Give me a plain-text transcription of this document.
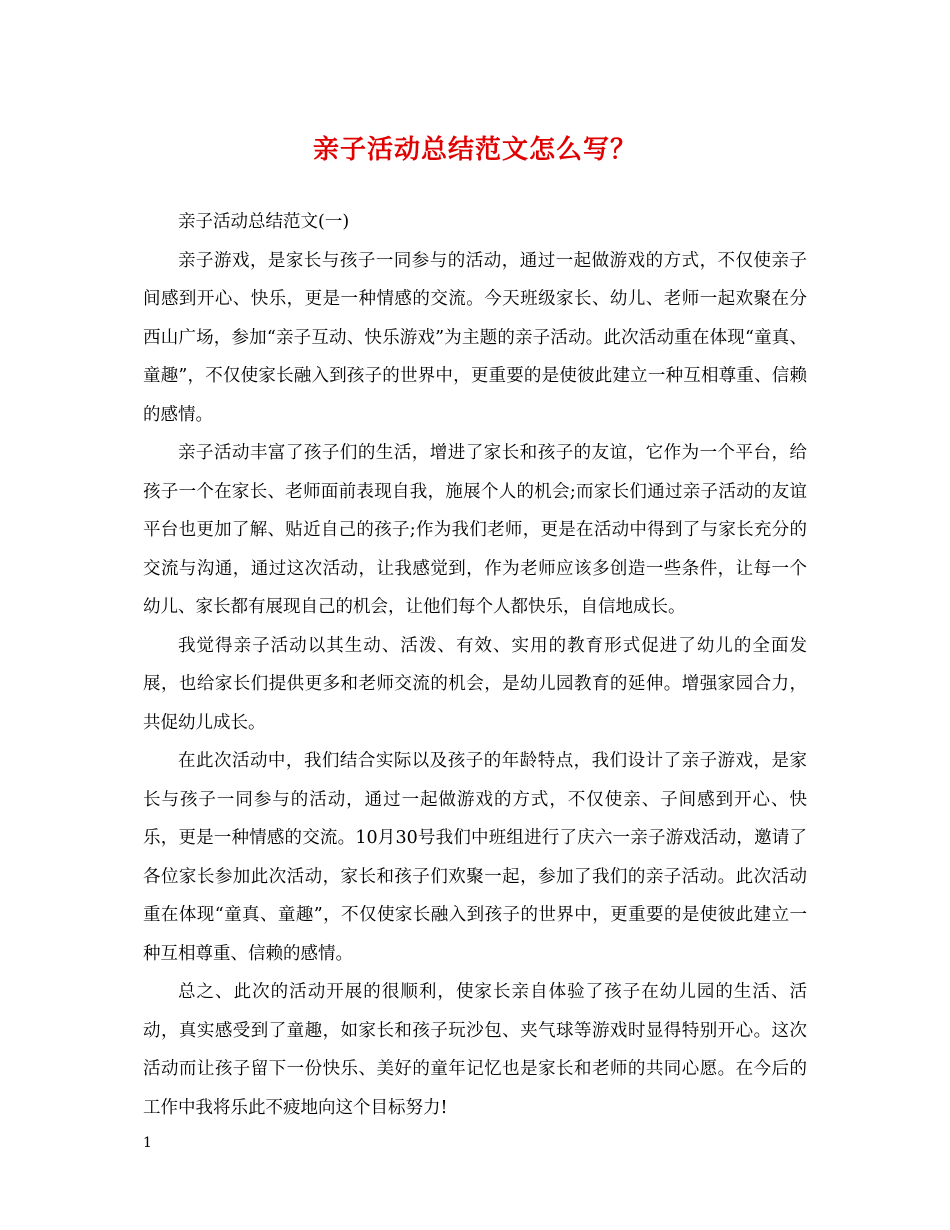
亲子活动总结范文怎么写？

亲子活动总结范文(一)

亲子游戏，是家长与孩子一同参与的活动，通过一起做游戏的方式，不仅使亲子间感到开心、快乐，更是一种情感的交流。今天班级家长、幼儿、老师一起欢聚在分西山广场，参加“亲子互动、快乐游戏”为主题的亲子活动。此次活动重在体现“童真、童趣”，不仅使家长融入到孩子的世界中，更重要的是使彼此建立一种互相尊重、信赖的感情。

亲子活动丰富了孩子们的生活，增进了家长和孩子的友谊，它作为一个平台，给孩子一个在家长、老师面前表现自我，施展个人的机会;而家长们通过亲子活动的友谊平台也更加了解、贴近自己的孩子;作为我们老师，更是在活动中得到了与家长充分的交流与沟通，通过这次活动，让我感觉到，作为老师应该多创造一些条件，让每一个幼儿、家长都有展现自己的机会，让他们每个人都快乐，自信地成长。

我觉得亲子活动以其生动、活泼、有效、实用的教育形式促进了幼儿的全面发展，也给家长们提供更多和老师交流的机会，是幼儿园教育的延伸。增强家园合力，共促幼儿成长。

在此次活动中，我们结合实际以及孩子的年龄特点，我们设计了亲子游戏，是家长与孩子一同参与的活动，通过一起做游戏的方式，不仅使亲、子间感到开心、快乐，更是一种情感的交流。10月30号我们中班组进行了庆六一亲子游戏活动，邀请了各位家长参加此次活动，家长和孩子们欢聚一起，参加了我们的亲子活动。此次活动重在体现“童真、童趣”，不仅使家长融入到孩子的世界中，更重要的是使彼此建立一种互相尊重、信赖的感情。

总之、此次的活动开展的很顺利，使家长亲自体验了孩子在幼儿园的生活、活动，真实感受到了童趣，如家长和孩子玩沙包、夹气球等游戏时显得特别开心。这次活动而让孩子留下一份快乐、美好的童年记忆也是家长和老师的共同心愿。在今后的工作中我将乐此不疲地向这个目标努力!

1
